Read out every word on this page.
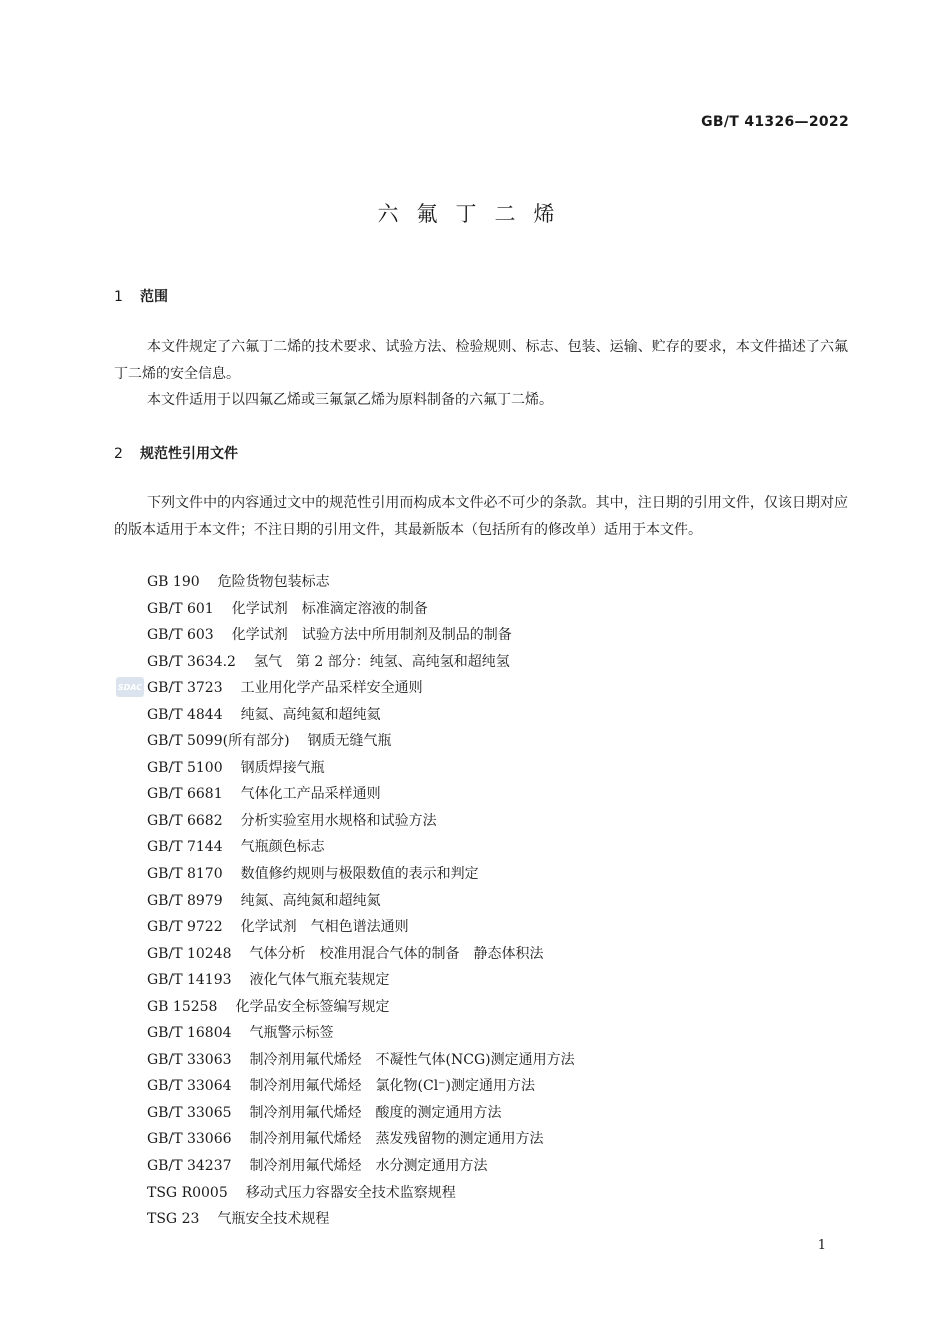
GB/T 41326—2022
六氟丁二烯
1 范围

本文件规定了六氟丁二烯的技术要求、试验方法、检验规则、标志、包装、运输、贮存的要求，本文件描述了六氟丁二烯的安全信息。

本文件适用于以四氟乙烯或三氟氯乙烯为原料制备的六氟丁二烯。

2 规范性引用文件

下列文件中的内容通过文中的规范性引用而构成本文件必不可少的条款。其中，注日期的引用文件，仅该日期对应的版本适用于本文件；不注日期的引用文件，其最新版本（包括所有的修改单）适用于本文件。

SDAC
GB 190 危险货物包装标志
GB/T 601 化学试剂　标准滴定溶液的制备
GB/T 603 化学试剂　试验方法中所用制剂及制品的制备
GB/T 3634.2 氢气　第 2 部分：纯氢、高纯氢和超纯氢
GB/T 3723 工业用化学产品采样安全通则
GB/T 4844 纯氦、高纯氦和超纯氦
GB/T 5099(所有部分) 钢质无缝气瓶
GB/T 5100 钢质焊接气瓶
GB/T 6681 气体化工产品采样通则
GB/T 6682 分析实验室用水规格和试验方法
GB/T 7144 气瓶颜色标志
GB/T 8170 数值修约规则与极限数值的表示和判定
GB/T 8979 纯氮、高纯氮和超纯氮
GB/T 9722 化学试剂　气相色谱法通则
GB/T 10248 气体分析　校准用混合气体的制备　静态体积法
GB/T 14193 液化气体气瓶充装规定
GB 15258 化学品安全标签编写规定
GB/T 16804 气瓶警示标签
GB/T 33063 制冷剂用氟代烯烃　不凝性气体(NCG)测定通用方法
GB/T 33064 制冷剂用氟代烯烃　氯化物(Cl⁻)测定通用方法
GB/T 33065 制冷剂用氟代烯烃　酸度的测定通用方法
GB/T 33066 制冷剂用氟代烯烃　蒸发残留物的测定通用方法
GB/T 34237 制冷剂用氟代烯烃　水分测定通用方法
TSG R0005 移动式压力容器安全技术监察规程
TSG 23 气瓶安全技术规程
1
